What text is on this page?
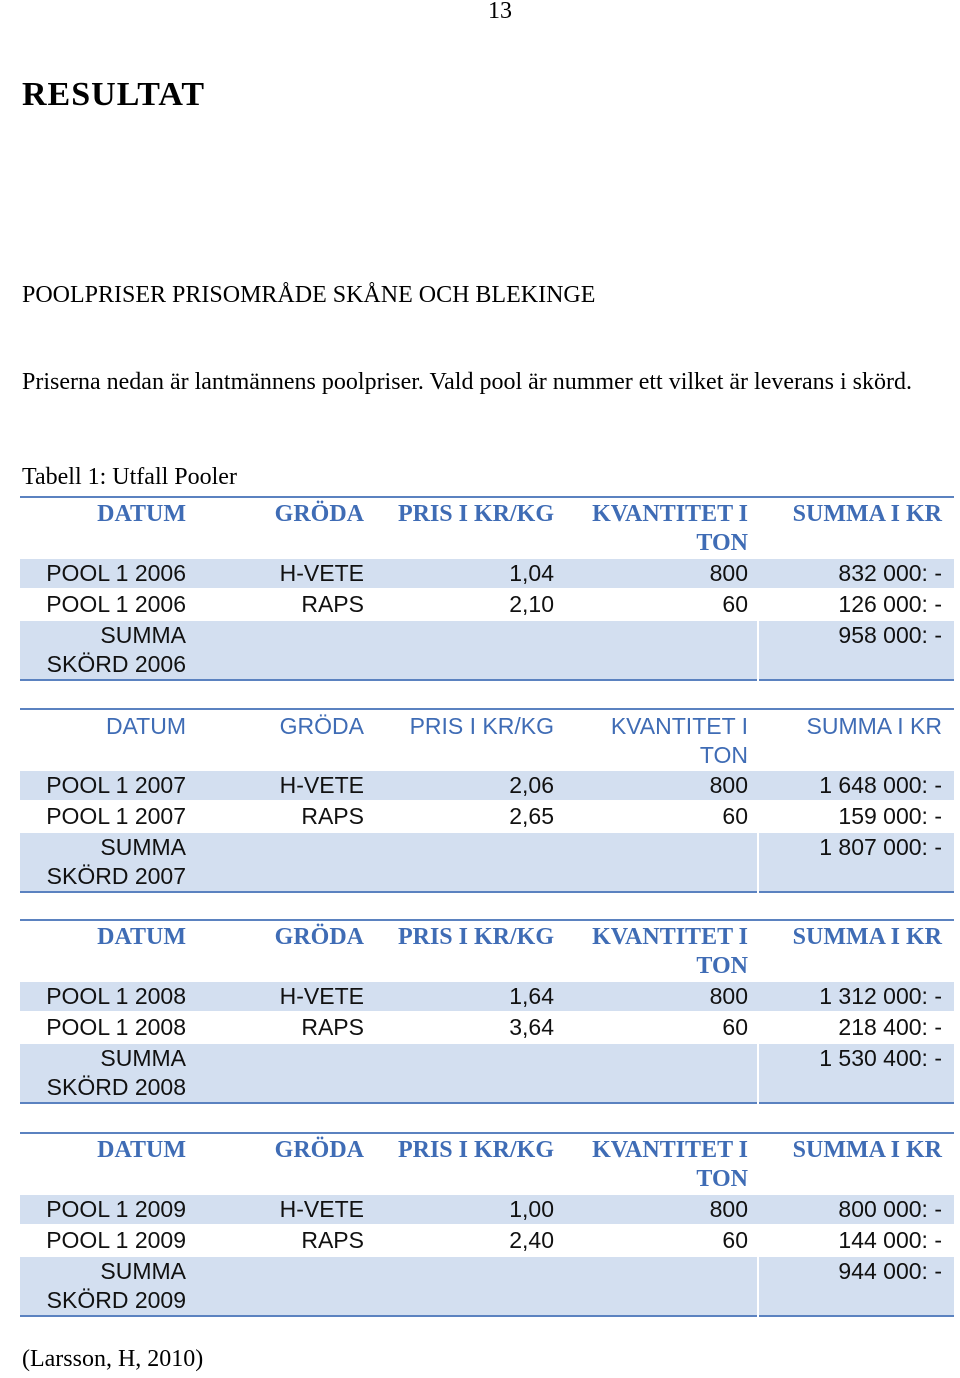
13
RESULTAT
POOLPRISER PRISOMRÅDE SKÅNE OCH BLEKINGE
Priserna nedan är lantmännens poolpriser. Vald pool är nummer ett vilket är leverans i skörd.
Tabell 1: Utfall Pooler
DATUM	GRÖDA	PRIS I KR/KG	KVANTITET I TON	SUMMA I KR
POOL 1 2006	H-VETE	1,04	800	832 000: -
POOL 1 2006	RAPS	2,10	60	126 000: -
SUMMA SKÖRD 2006				958 000: -
DATUM	GRÖDA	PRIS I KR/KG	KVANTITET I TON	SUMMA I KR
POOL 1 2007	H-VETE	2,06	800	1 648 000: -
POOL 1 2007	RAPS	2,65	60	159 000: -
SUMMA SKÖRD 2007				1 807 000: -
DATUM	GRÖDA	PRIS I KR/KG	KVANTITET I TON	SUMMA I KR
POOL 1 2008	H-VETE	1,64	800	1 312 000: -
POOL 1 2008	RAPS	3,64	60	218 400: -
SUMMA SKÖRD 2008				1 530 400: -
DATUM	GRÖDA	PRIS I KR/KG	KVANTITET I TON	SUMMA I KR
POOL 1 2009	H-VETE	1,00	800	800 000: -
POOL 1 2009	RAPS	2,40	60	144 000: -
SUMMA SKÖRD 2009				944 000: -
(Larsson, H, 2010)
